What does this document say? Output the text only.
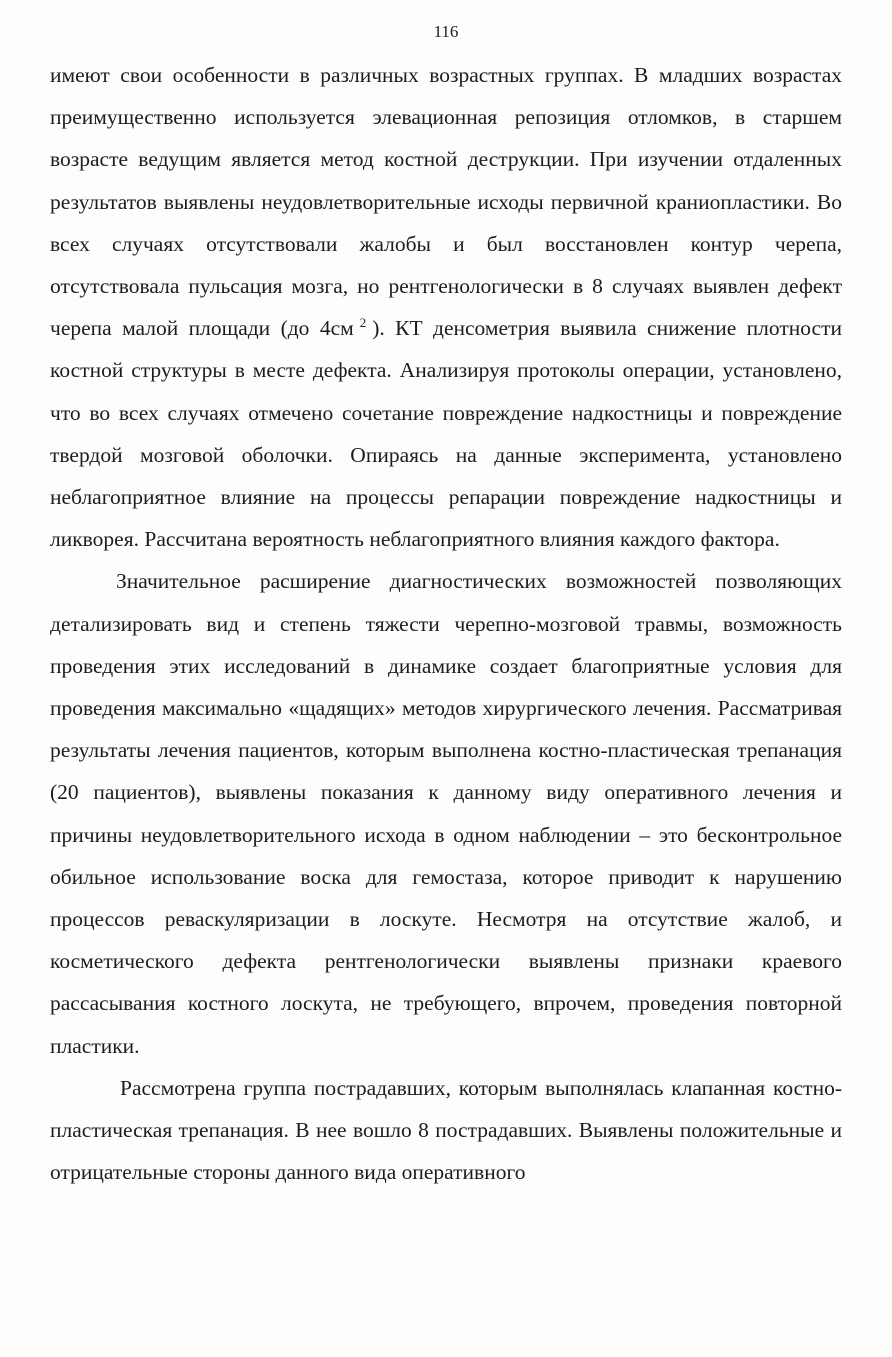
116

имеют свои особенности в различных возрастных группах. В младших возрастах преимущественно используется элевационная репозиция отломков, в старшем возрасте ведущим является метод костной деструкции. При изучении отдаленных результатов выявлены неудовлетворительные исходы первичной краниопластики. Во всех случаях отсутствовали жалобы и был восстановлен контур черепа, отсутствовала пульсация мозга, но рентгенологически в 8 случаях выявлен дефект черепа малой площади (до 4см $^2$ ). КТ денсометрия выявила снижение плотности костной структуры в месте дефекта. Анализируя протоколы операции, установлено, что во всех случаях отмечено сочетание повреждение надкостницы и повреждение твердой мозговой оболочки. Опираясь на данные эксперимента, установлено неблагоприятное влияние на процессы репарации повреждение надкостницы и ликворея. Рассчитана вероятность неблагоприятного влияния каждого фактора.

Значительное расширение диагностических возможностей позволяющих детализировать вид и степень тяжести черепно-мозговой травмы, возможность проведения этих исследований в динамике создает благоприятные условия для проведения максимально «щадящих» методов хирургического лечения. Рассматривая результаты лечения пациентов, которым выполнена костно-пластическая трепанация (20 пациентов), выявлены показания к данному виду оперативного лечения и причины неудовлетворительного исхода в одном наблюдении – это бесконтрольное обильное использование воска для гемостаза, которое приводит к нарушению процессов реваскуляризации в лоскуте. Несмотря на отсутствие жалоб, и косметического дефекта рентгенологически выявлены признаки краевого рассасывания костного лоскута, не требующего, впрочем, проведения повторной пластики.

Рассмотрена группа пострадавших, которым выполнялась клапанная костно-пластическая трепанация. В нее вошло 8 пострадавших. Выявлены положительные и отрицательные стороны данного вида оперативного
